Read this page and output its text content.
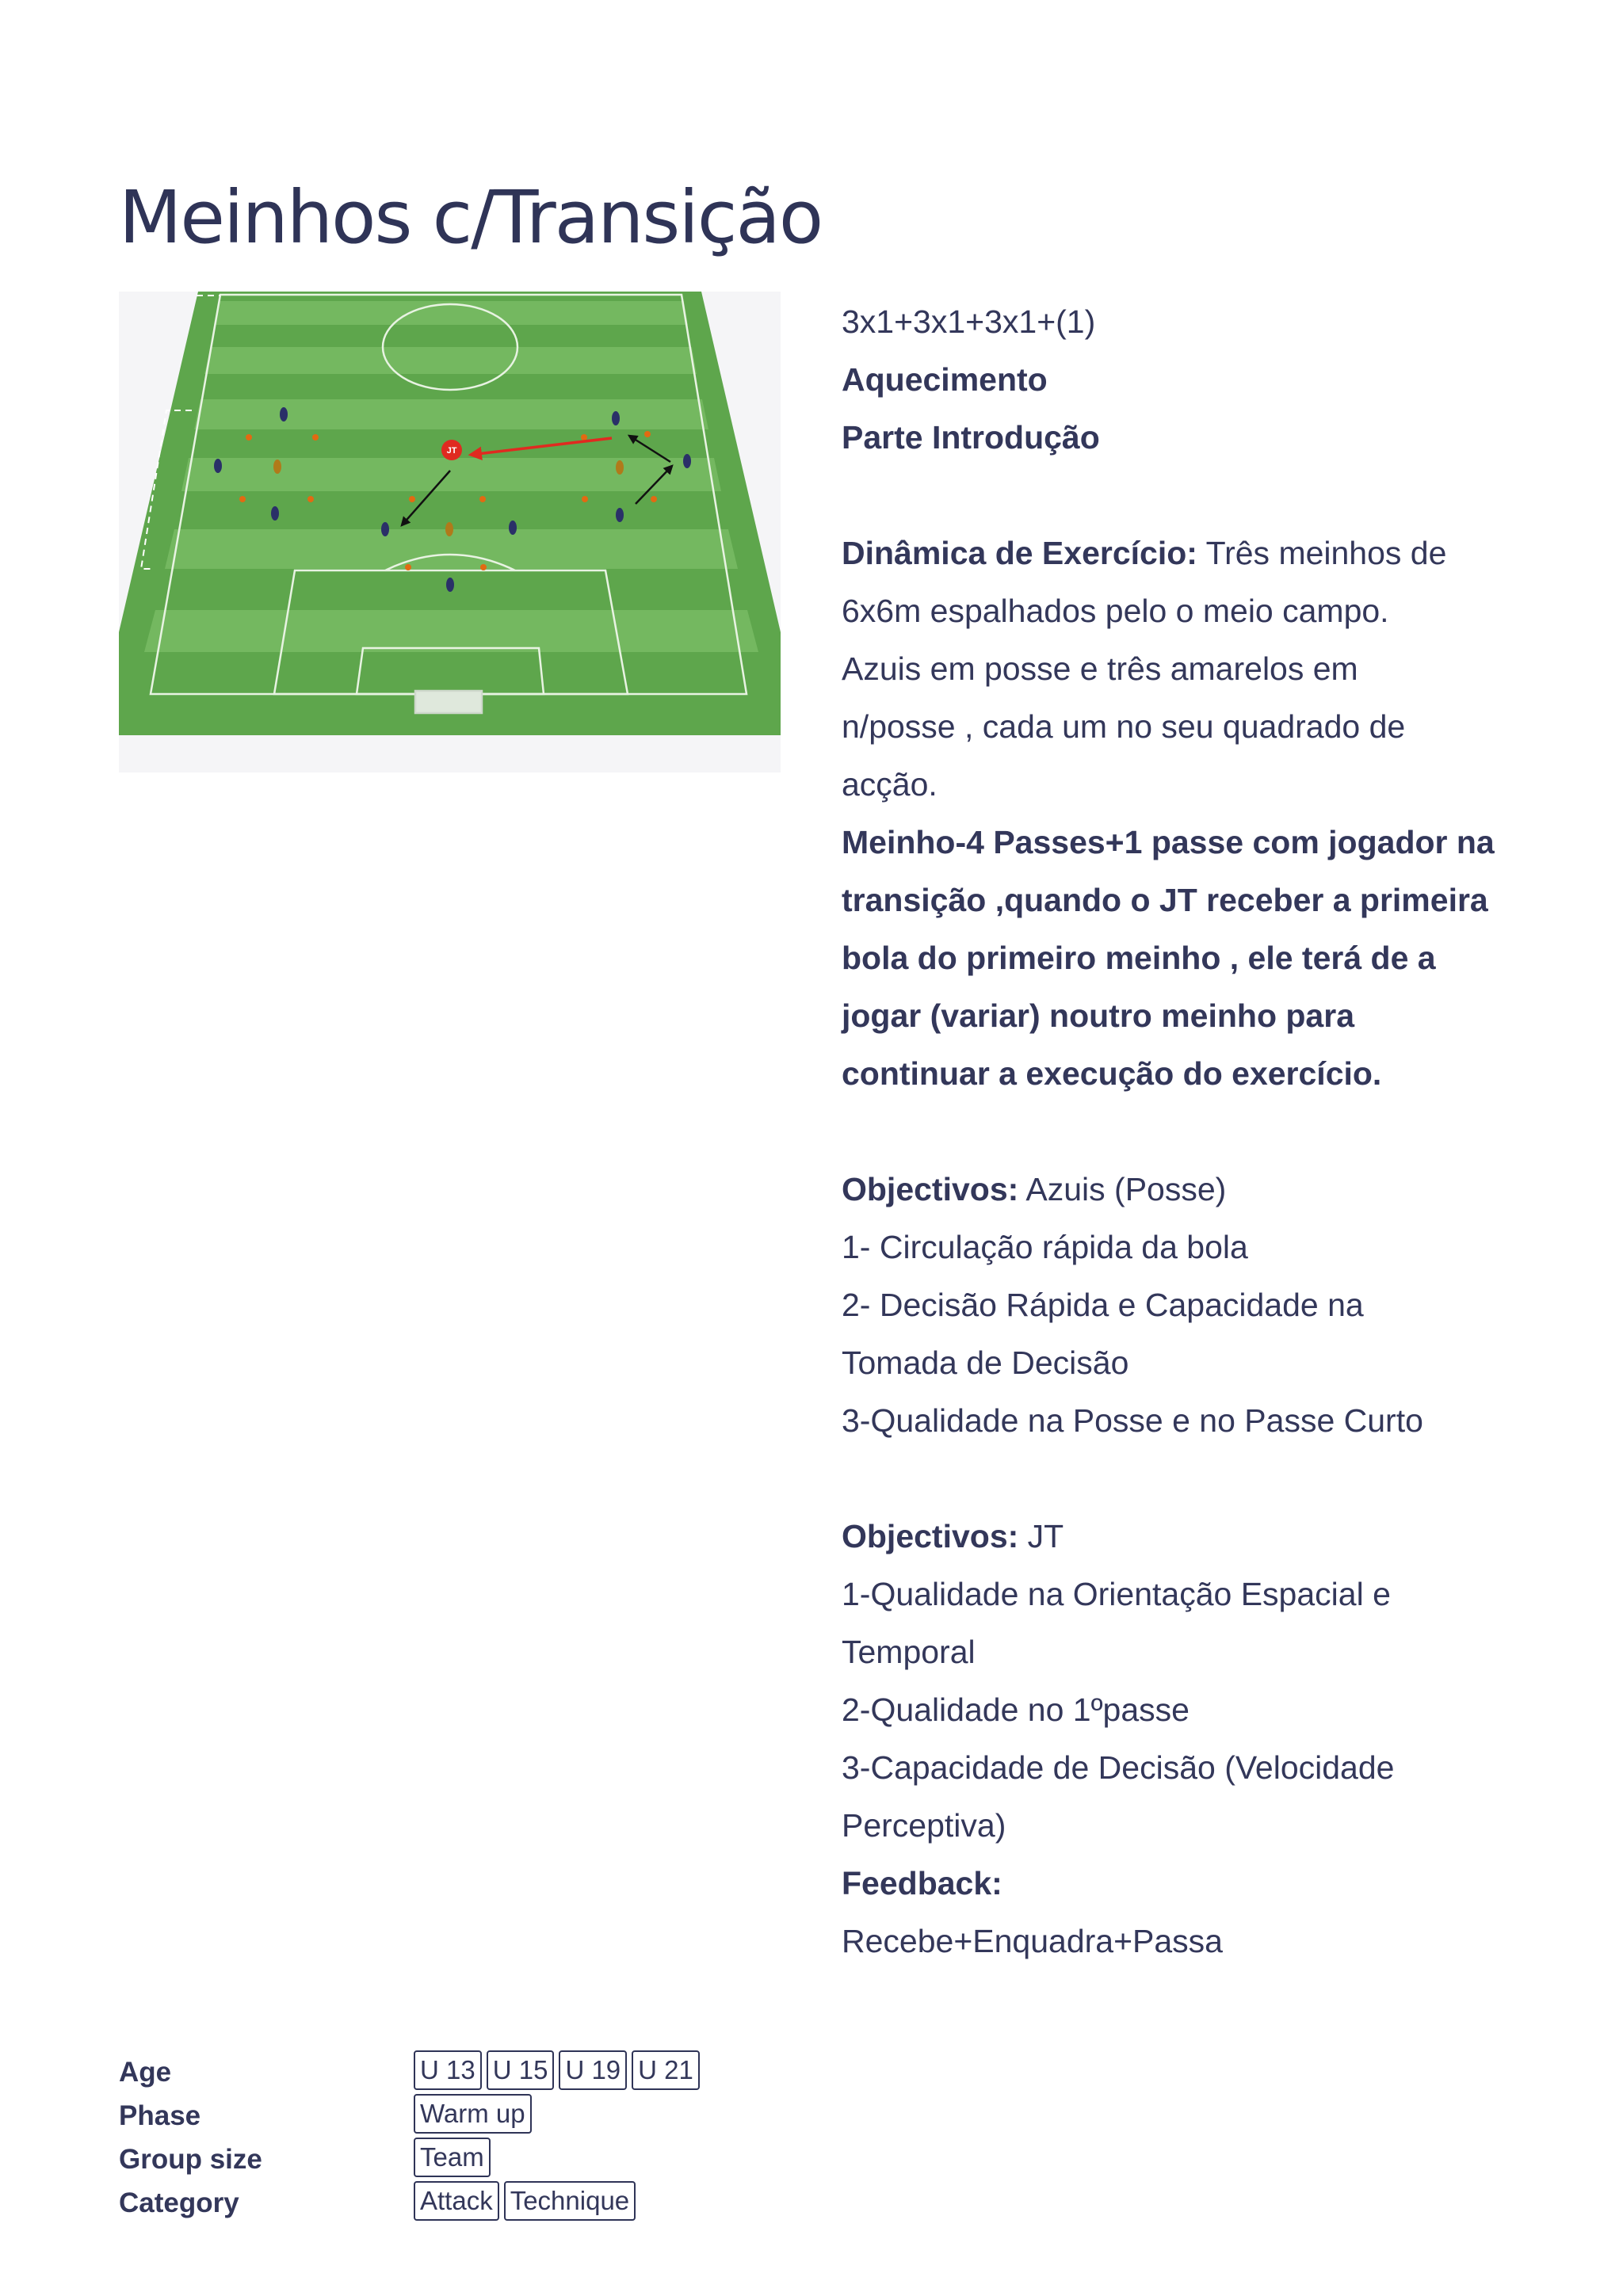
Meinhos c/Transição
JT

3x1+3x1+3x1+(1)

Aquecimento

Parte Introdução

Dinâmica de Exercício: Três meinhos de

6x6m espalhados pelo o meio campo.

Azuis em posse e três amarelos em

n/posse , cada um no seu quadrado de

acção.

Meinho-4 Passes+1 passe com jogador na

transição ,quando o JT receber a primeira

bola do primeiro meinho , ele terá de a

jogar (variar) noutro meinho para

continuar a execução do exercício.

Objectivos: Azuis (Posse)

1- Circulação rápida da bola

2- Decisão Rápida e Capacidade na

Tomada de Decisão

3-Qualidade na Posse e no Passe Curto

Objectivos: JT

1-Qualidade na Orientação Espacial e

Temporal

2-Qualidade no 1ºpasse

3-Capacidade de Decisão (Velocidade

Perceptiva)

Feedback:

Recebe+Enquadra+Passa

Age	U 13 U 15 U 19 U 21
Phase	Warm up
Group size	Team
Category	Attack Technique
